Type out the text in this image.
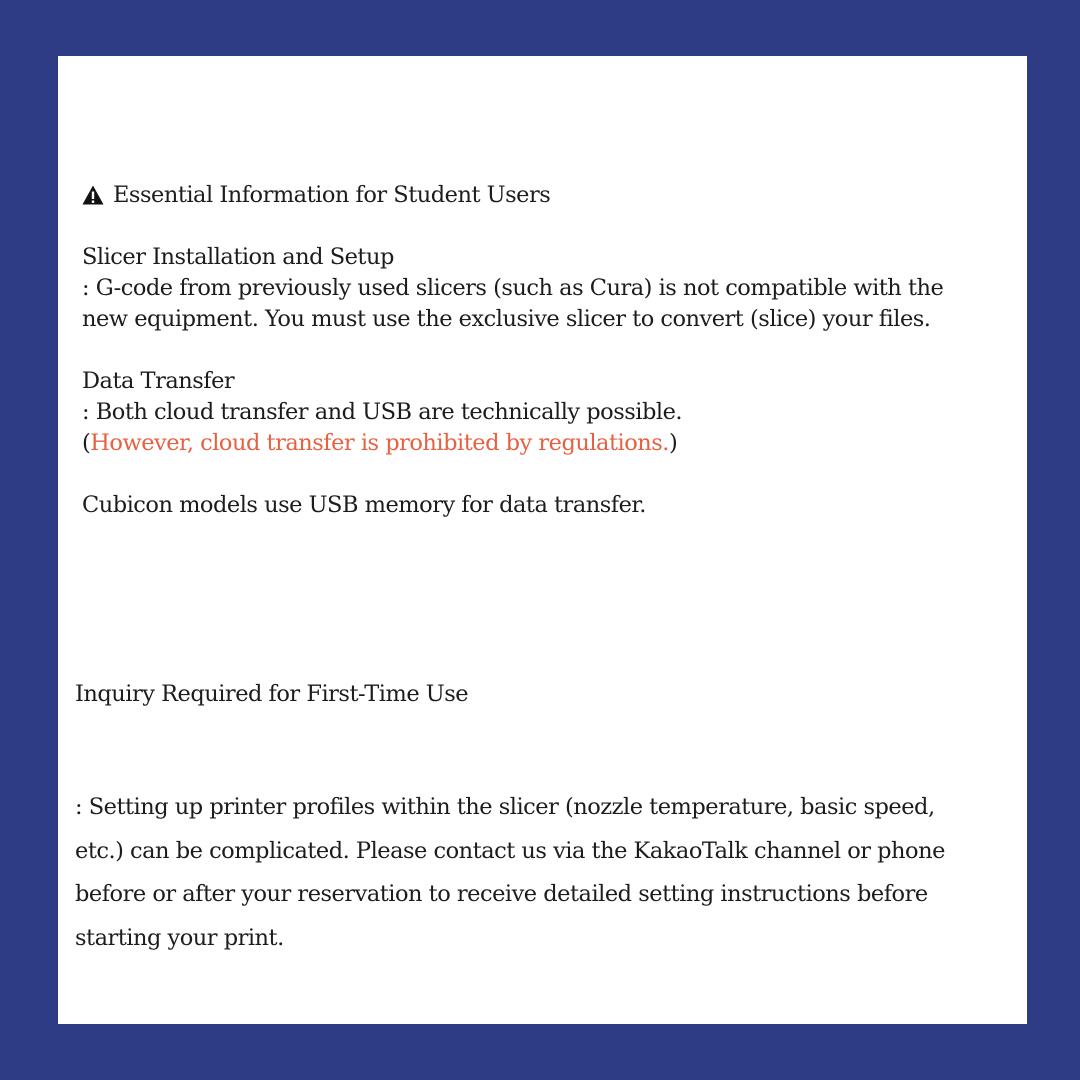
Essential Information for Student Users

Slicer Installation and Setup

: G-code from previously used slicers (such as Cura) is not compatible with the

new equipment. You must use the exclusive slicer to convert (slice) your files.

Data Transfer

: Both cloud transfer and USB are technically possible.

(However, cloud transfer is prohibited by regulations.)

Cubicon models use USB memory for data transfer.

Inquiry Required for First-Time Use

: Setting up printer profiles within the slicer (nozzle temperature, basic speed,
etc.) can be complicated. Please contact us via the KakaoTalk channel or phone
before or after your reservation to receive detailed setting instructions before
starting your print.
